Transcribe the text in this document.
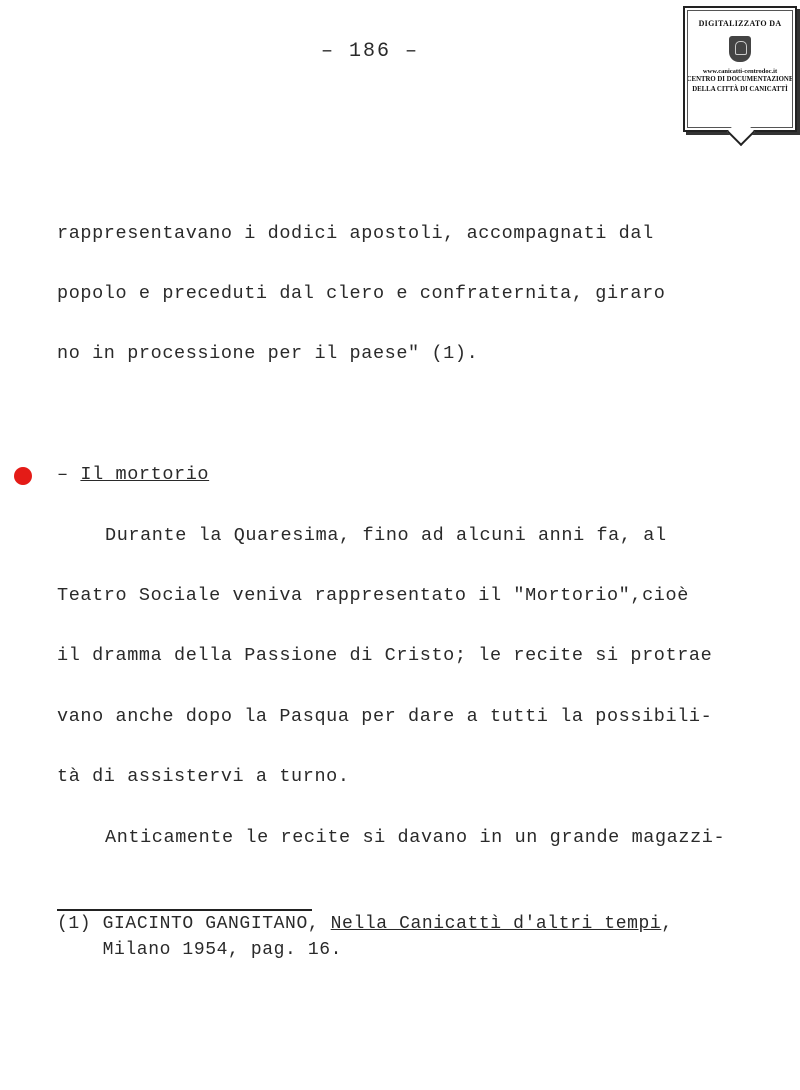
– 186 –
DIGITALIZZATO DA
www.canicatti-centrodoc.it
CENTRO DI DOCUMENTAZIONE
DELLA CITTÀ DI CANICATTÌ
rappresentavano i dodici apostoli, accompagnati dal
popolo e preceduti dal clero e confraternita, giraro
no in processione per il paese" (1).
– Il mortorio
Durante la Quaresima, fino ad alcuni anni fa, al
Teatro Sociale veniva rappresentato il "Mortorio",cioè
il dramma della Passione di Cristo; le recite si protrae
vano anche dopo la Pasqua per dare a tutti la possibili-
tà di assistervi a turno.
Anticamente le recite si davano in un grande magazzi-
(1) GIACINTO GANGITANO, Nella Canicattì d'altri tempi,
Milano 1954, pag. 16.
